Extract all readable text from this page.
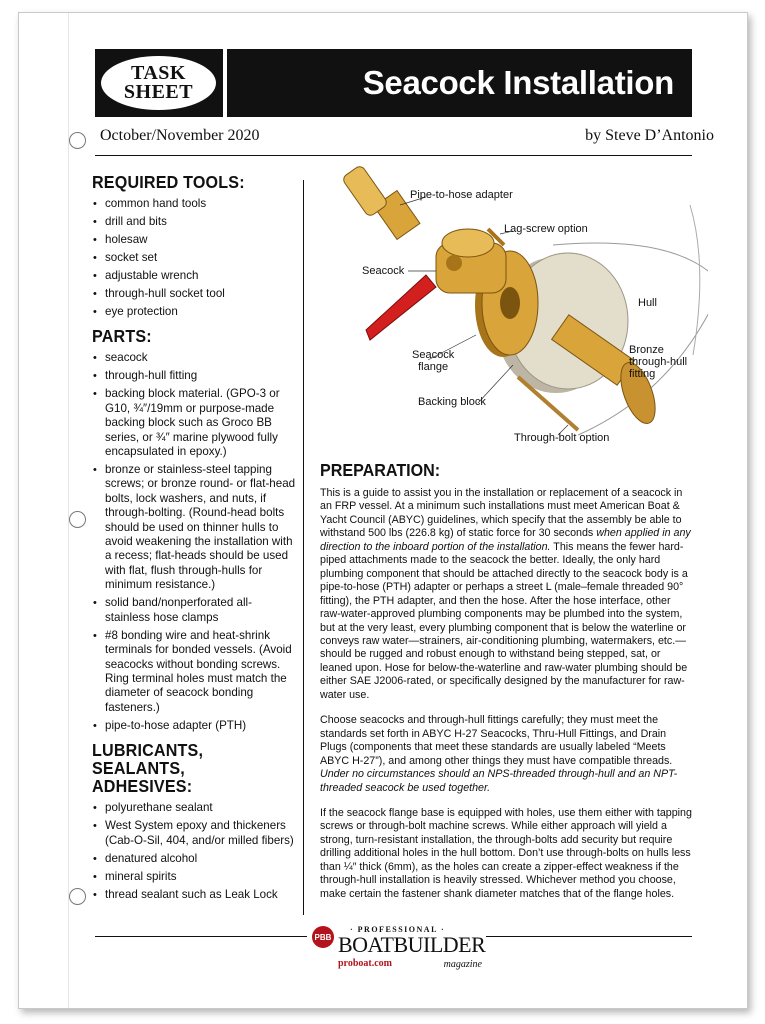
TASK
SHEET	Seacock Installation
October/November 2020	by Steve D’Antonio
REQUIRED TOOLS:
• common hand tools
• drill and bits
• holesaw
• socket set
• adjustable wrench
• through-hull socket tool
• eye protection
PARTS:
• seacock
• through-hull fitting
• backing block material. (GPO-3 or G10, ¾″/19mm or purpose-made backing block such as Groco BB series, or ¾″ marine plywood fully encapsulated in epoxy.)
• bronze or stainless-steel tapping screws; or bronze round- or flat-head bolts, lock washers, and nuts, if through-bolting. (Round-head bolts should be used on thinner hulls to avoid weakening the installation with a recess; flat-heads should be used with flat, flush through-hulls for minimum resistance.)
• solid band/nonperforated all-stainless hose clamps
• #8 bonding wire and heat-shrink terminals for bonded vessels. (Avoid seacocks without bonding screws. Ring terminal holes must match the diameter of seacock bonding fasteners.)
• pipe-to-hose adapter (PTH)
LUBRICANTS,
SEALANTS, ADHESIVES:
• polyurethane sealant
• West System epoxy and thickeners (Cab-O-Sil, 404, and/or milled fibers)
• denatured alcohol
• mineral spirits
• thread sealant such as Leak Lock
Pipe-to-hose adapter
Lag-screw option
Seacock
Hull
Seacock
flange
Bronze
through-hull
fitting
Backing block
Through-bolt option
PREPARATION:

This is a guide to assist you in the installation or replacement of a seacock in an FRP vessel. At a minimum such installations must meet American Boat & Yacht Council (ABYC) guidelines, which specify that the assembly be able to withstand 500 lbs (226.8 kg) of static force for 30 seconds when applied in any direction to the inboard portion of the installation. This means the fewer hard-piped attachments made to the seacock the better. Ideally, the only hard plumbing component that should be attached directly to the seacock body is a pipe-to-hose (PTH) adapter or perhaps a street L (male–female threaded 90° fitting), the PTH adapter, and then the hose. After the hose interface, other raw-water-approved plumbing components may be plumbed into the system, but at the very least, every plumbing component that is below the waterline or conveys raw water—strainers, air-conditioning plumbing, watermakers, etc.—should be rugged and robust enough to withstand being stepped, sat, or leaned upon. Hose for below-the-waterline and raw-water plumbing should be either SAE J2006-rated, or specifically designed by the manufacturer for raw-water use.

Choose seacocks and through-hull fittings carefully; they must meet the standards set forth in ABYC H-27 Seacocks, Thru-Hull Fittings, and Drain Plugs (components that meet these standards are usually labeled “Meets ABYC H-27”), and among other things they must have compatible threads. Under no circumstances should an NPS-threaded through-hull and an NPT-threaded seacock be used together.

If the seacock flange base is equipped with holes, use them either with tapping screws or through-bolt machine screws. While either approach will yield a strong, turn-resistant installation, the through-bolts add security but require drilling additional holes in the hull bottom. Don’t use through-bolts on hulls less than ¼″ thick (6mm), as the holes can create a zipper-effect weakness if the through-hull installation is heavily stressed. Whichever method you choose, make certain the fastener shank diameter matches that of the flange holes.

PBB
· PROFESSIONAL ·
BOATBUILDER
proboat.com	magazine
